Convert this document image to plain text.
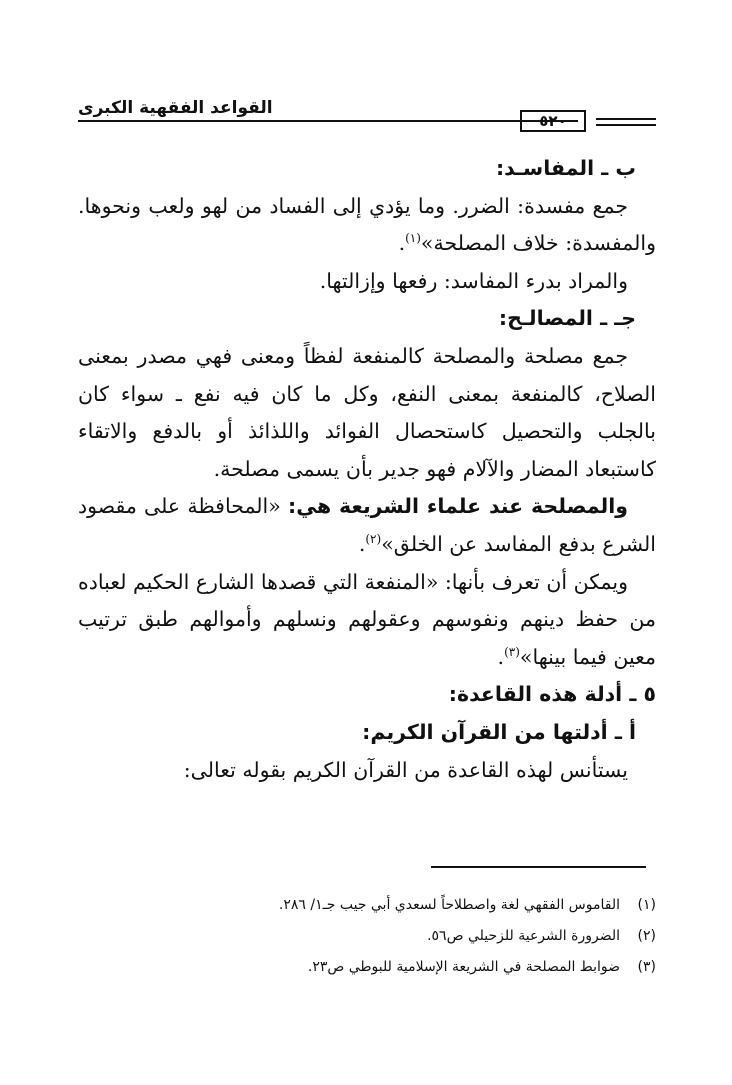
القواعد الفقهية الكبرى
٥٢٠

ب ـ المفاسـد:

جمع مفسدة: الضرر. وما يؤدي إلى الفساد من لهو ولعب ونحوها. والمفسدة: خلاف المصلحة»$^{(١)}$.

والمراد بدرء المفاسد: رفعها وإزالتها.

جـ ـ المصالـح:

جمع مصلحة والمصلحة كالمنفعة لفظاً ومعنى فهي مصدر بمعنى الصلاح، كالمنفعة بمعنى النفع، وكل ما كان فيه نفع ـ سواء كان بالجلب والتحصيل كاستحصال الفوائد واللذائذ أو بالدفع والاتقاء كاستبعاد المضار والآلام فهو جدير بأن يسمى مصلحة.

والمصلحة عند علماء الشريعة هي: «المحافظة على مقصود الشرع بدفع المفاسد عن الخلق»$^{(٢)}$.

ويمكن أن تعرف بأنها: «المنفعة التي قصدها الشارع الحكيم لعباده من حفظ دينهم ونفوسهم وعقولهم ونسلهم وأموالهم طبق ترتيب معين فيما بينها»$^{(٣)}$.

٥ ـ أدلة هذه القاعدة:

أ ـ أدلتها من القرآن الكريم:

يستأنس لهذه القاعدة من القرآن الكريم بقوله تعالى:

(١)
القاموس الفقهي لغة واصطلاحاً لسعدي أبي جيب جـ١/ ٢٨٦.
(٢)
الضرورة الشرعية للزحيلي ص٥٦.
(٣)
ضوابط المصلحة في الشريعة الإسلامية للبوطي ص٢٣.
